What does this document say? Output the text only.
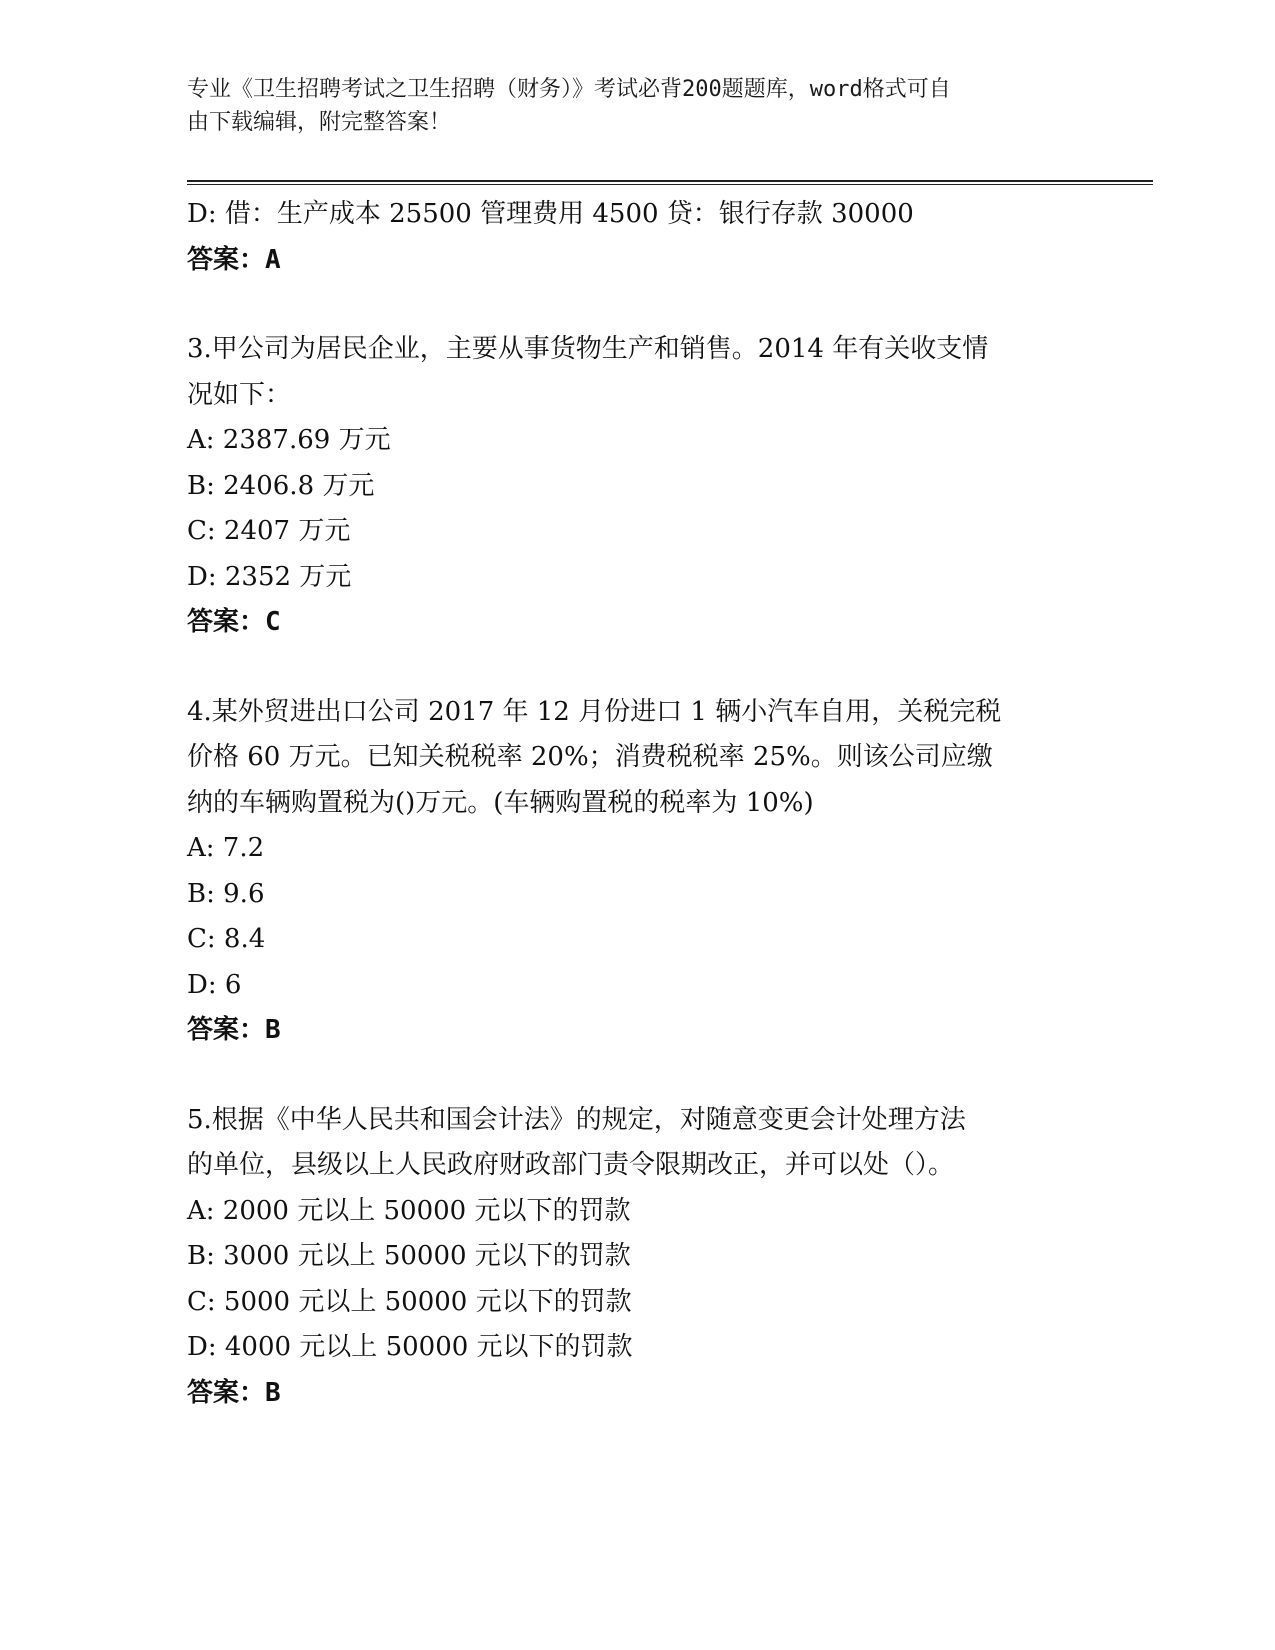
专业《卫生招聘考试之卫生招聘（财务）》考试必背200题题库，word格式可自
由下载编辑，附完整答案！
D: 借：生产成本 25500 管理费用 4500 贷：银行存款 30000
答案：A
3.甲公司为居民企业，主要从事货物生产和销售。2014 年有关收支情
况如下：
A: 2387.69 万元
B: 2406.8 万元
C: 2407 万元
D: 2352 万元
答案：C
4.某外贸进出口公司 2017 年 12 月份进口 1 辆小汽车自用，关税完税
价格 60 万元。已知关税税率 20%；消费税税率 25%。则该公司应缴
纳的车辆购置税为()万元。(车辆购置税的税率为 10%)
A: 7.2
B: 9.6
C: 8.4
D: 6
答案：B
5.根据《中华人民共和国会计法》的规定，对随意变更会计处理方法
的单位，县级以上人民政府财政部门责令限期改正，并可以处（）。
A: 2000 元以上 50000 元以下的罚款
B: 3000 元以上 50000 元以下的罚款
C: 5000 元以上 50000 元以下的罚款
D: 4000 元以上 50000 元以下的罚款
答案：B
